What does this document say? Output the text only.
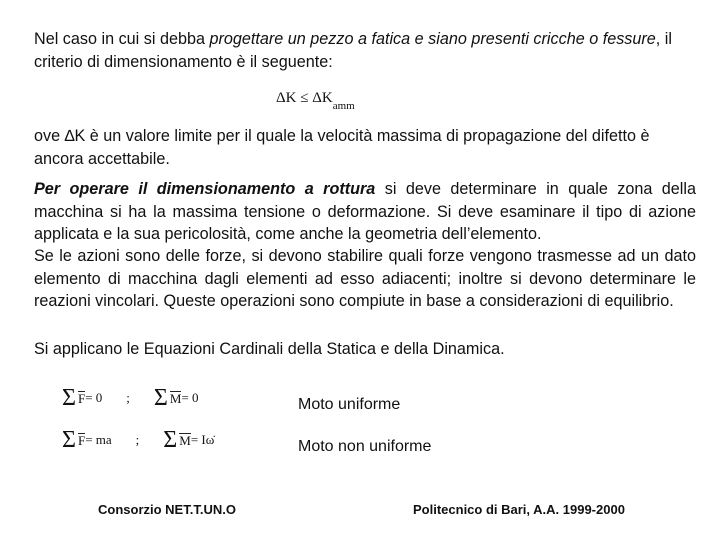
Nel caso in cui si debba progettare un pezzo a fatica e siano presenti cricche o fessure, il criterio di dimensionamento è il seguente:
$\Delta K \le \Delta K_{amm}$
ove ∆K è un valore limite per il quale la velocità massima di propagazione del difetto è ancora accettabile.
Per operare il dimensionamento a rottura si deve determinare in quale zona della macchina si ha la massima tensione o deformazione. Si deve esaminare il tipo di azione applicata e la sua pericolosità, come anche la geometria dell’elemento.
Se le azioni sono delle forze, si devono stabilire quali forze vengono trasmesse ad un dato elemento di macchina dagli elementi ad esso adiacenti; inoltre si devono determinare le reazioni vincolari. Queste operazioni sono compiute in base a considerazioni di equilibrio.
Si applicano le Equazioni Cardinali della Statica e della Dinamica.
Σ F = 0 ; Σ M = 0	Moto uniforme
Σ F = ma ; Σ M = Iω̇	Moto non uniforme
Consorzio NET.T.UN.O	Politecnico di Bari, A.A. 1999-2000
